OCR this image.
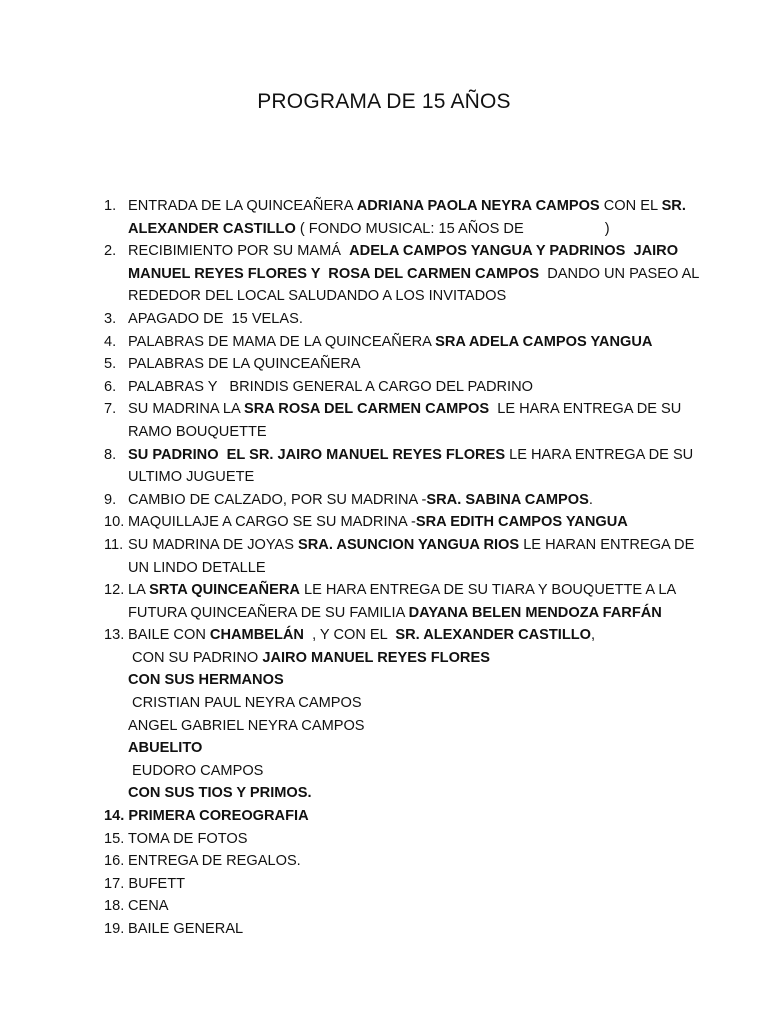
PROGRAMA DE 15 AÑOS
1. ENTRADA DE LA QUINCEAÑERA ADRIANA PAOLA NEYRA CAMPOS CON EL SR.
ALEXANDER CASTILLO ( FONDO MUSICAL: 15 AÑOS DE                    )
2. RECIBIMIENTO POR SU MAMÁ  ADELA CAMPOS YANGUA Y PADRINOS  JAIRO
MANUEL REYES FLORES Y  ROSA DEL CARMEN CAMPOS  DANDO UN PASEO AL
REDEDOR DEL LOCAL SALUDANDO A LOS INVITADOS
3. APAGADO DE  15 VELAS.
4. PALABRAS DE MAMA DE LA QUINCEAÑERA SRA ADELA CAMPOS YANGUA
5. PALABRAS DE LA QUINCEAÑERA
6. PALABRAS Y   BRINDIS GENERAL A CARGO DEL PADRINO
7. SU MADRINA LA SRA ROSA DEL CARMEN CAMPOS  LE HARA ENTREGA DE SU
RAMO BOUQUETTE
8. SU PADRINO  EL SR. JAIRO MANUEL REYES FLORES LE HARA ENTREGA DE SU
ULTIMO JUGUETE
9. CAMBIO DE CALZADO, POR SU MADRINA -SRA. SABINA CAMPOS.
10. MAQUILLAJE A CARGO SE SU MADRINA -SRA EDITH CAMPOS YANGUA
11. SU MADRINA DE JOYAS SRA. ASUNCION YANGUA RIOS LE HARAN ENTREGA DE
UN LINDO DETALLE
12. LA SRTA QUINCEAÑERA LE HARA ENTREGA DE SU TIARA Y BOUQUETTE A LA
FUTURA QUINCEAÑERA DE SU FAMILIA DAYANA BELEN MENDOZA FARFÁN
13. BAILE CON CHAMBELÁN  , Y CON EL  SR. ALEXANDER CASTILLO,
CON SU PADRINO JAIRO MANUEL REYES FLORES
CON SUS HERMANOS
CRISTIAN PAUL NEYRA CAMPOS
ANGEL GABRIEL NEYRA CAMPOS
ABUELITO
EUDORO CAMPOS
CON SUS TIOS Y PRIMOS.
14. PRIMERA COREOGRAFIA
15. TOMA DE FOTOS
16. ENTREGA DE REGALOS.
17. BUFETT
18. CENA
19. BAILE GENERAL
